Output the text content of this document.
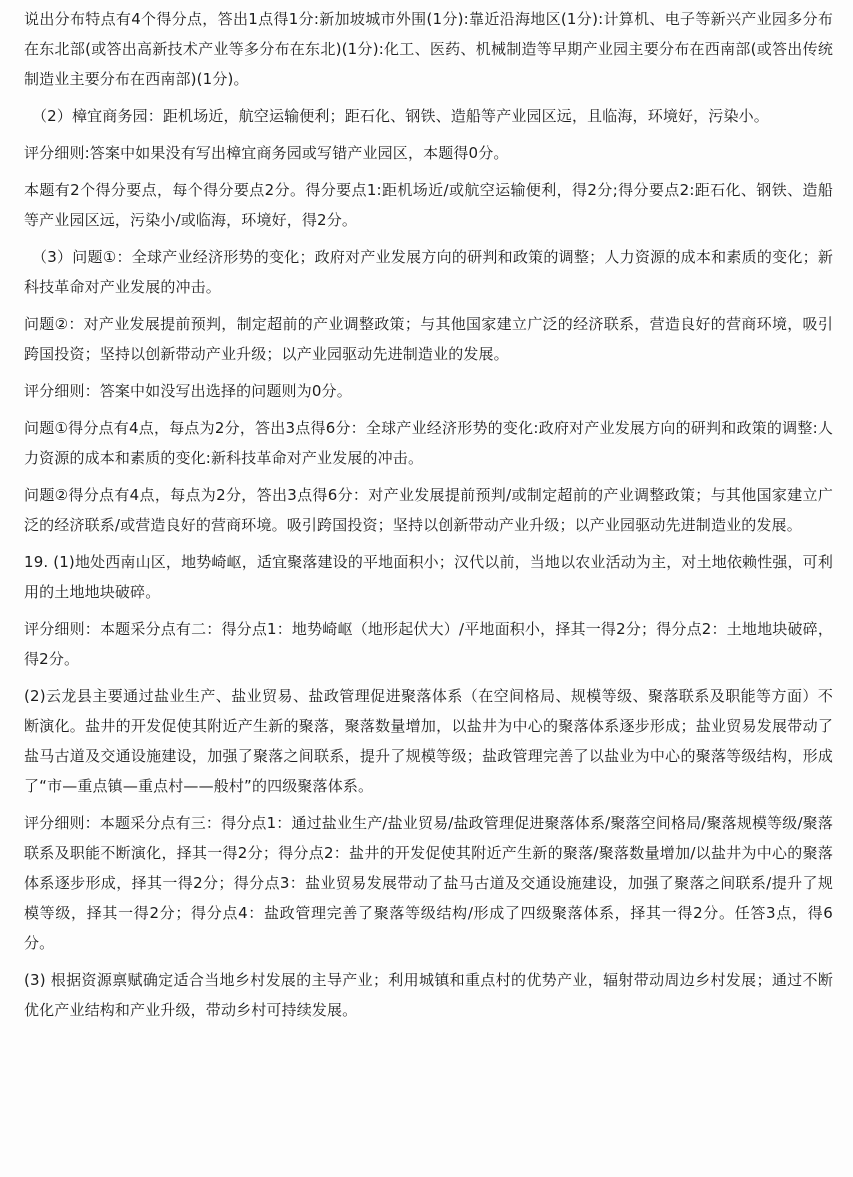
说出分布特点有4个得分点，答出1点得1分:新加坡城市外围(1分):靠近沿海地区(1分):计算机、电子等新兴产业园多分布在东北部(或答出高新技术产业等多分布在东北)(1分):化工、医药、机械制造等早期产业园主要分布在西南部(或答出传统制造业主要分布在西南部)(1分)。

（2）樟宜商务园：距机场近，航空运输便利；距石化、钢铁、造船等产业园区远，且临海，环境好，污染小。

评分细则:答案中如果没有写出樟宜商务园或写错产业园区，本题得0分。

本题有2个得分要点，每个得分要点2分。得分要点1:距机场近/或航空运输便利，得2分;得分要点2:距石化、钢铁、造船等产业园区远，污染小/或临海，环境好，得2分。

（3）问题①：全球产业经济形势的变化；政府对产业发展方向的研判和政策的调整；人力资源的成本和素质的变化；新科技革命对产业发展的冲击。

问题②：对产业发展提前预判，制定超前的产业调整政策；与其他国家建立广泛的经济联系，营造良好的营商环境，吸引跨国投资；坚持以创新带动产业升级；以产业园驱动先进制造业的发展。

评分细则：答案中如没写出选择的问题则为0分。

问题①得分点有4点，每点为2分，答出3点得6分：全球产业经济形势的变化:政府对产业发展方向的研判和政策的调整:人力资源的成本和素质的变化:新科技革命对产业发展的冲击。

问题②得分点有4点，每点为2分，答出3点得6分：对产业发展提前预判/或制定超前的产业调整政策；与其他国家建立广泛的经济联系/或营造良好的营商环境。吸引跨国投资；坚持以创新带动产业升级；以产业园驱动先进制造业的发展。

19. (1)地处西南山区，地势崎岖，适宜聚落建设的平地面积小；汉代以前，当地以农业活动为主，对土地依赖性强，可利用的土地地块破碎。

评分细则：本题采分点有二：得分点1：地势崎岖（地形起伏大）/平地面积小，择其一得2分；得分点2：土地地块破碎，得2分。

(2)云龙县主要通过盐业生产、盐业贸易、盐政管理促进聚落体系（在空间格局、规模等级、聚落联系及职能等方面）不断演化。盐井的开发促使其附近产生新的聚落，聚落数量增加，以盐井为中心的聚落体系逐步形成；盐业贸易发展带动了盐马古道及交通设施建设，加强了聚落之间联系，提升了规模等级；盐政管理完善了以盐业为中心的聚落等级结构，形成了“市—重点镇—重点村——般村”的四级聚落体系。

评分细则：本题采分点有三：得分点1：通过盐业生产/盐业贸易/盐政管理促进聚落体系/聚落空间格局/聚落规模等级/聚落联系及职能不断演化，择其一得2分；得分点2：盐井的开发促使其附近产生新的聚落/聚落数量增加/以盐井为中心的聚落体系逐步形成，择其一得2分；得分点3：盐业贸易发展带动了盐马古道及交通设施建设，加强了聚落之间联系/提升了规模等级，择其一得2分；得分点4：盐政管理完善了聚落等级结构/形成了四级聚落体系，择其一得2分。任答3点，得6分。

(3) 根据资源禀赋确定适合当地乡村发展的主导产业；利用城镇和重点村的优势产业，辐射带动周边乡村发展；通过不断优化产业结构和产业升级，带动乡村可持续发展。
